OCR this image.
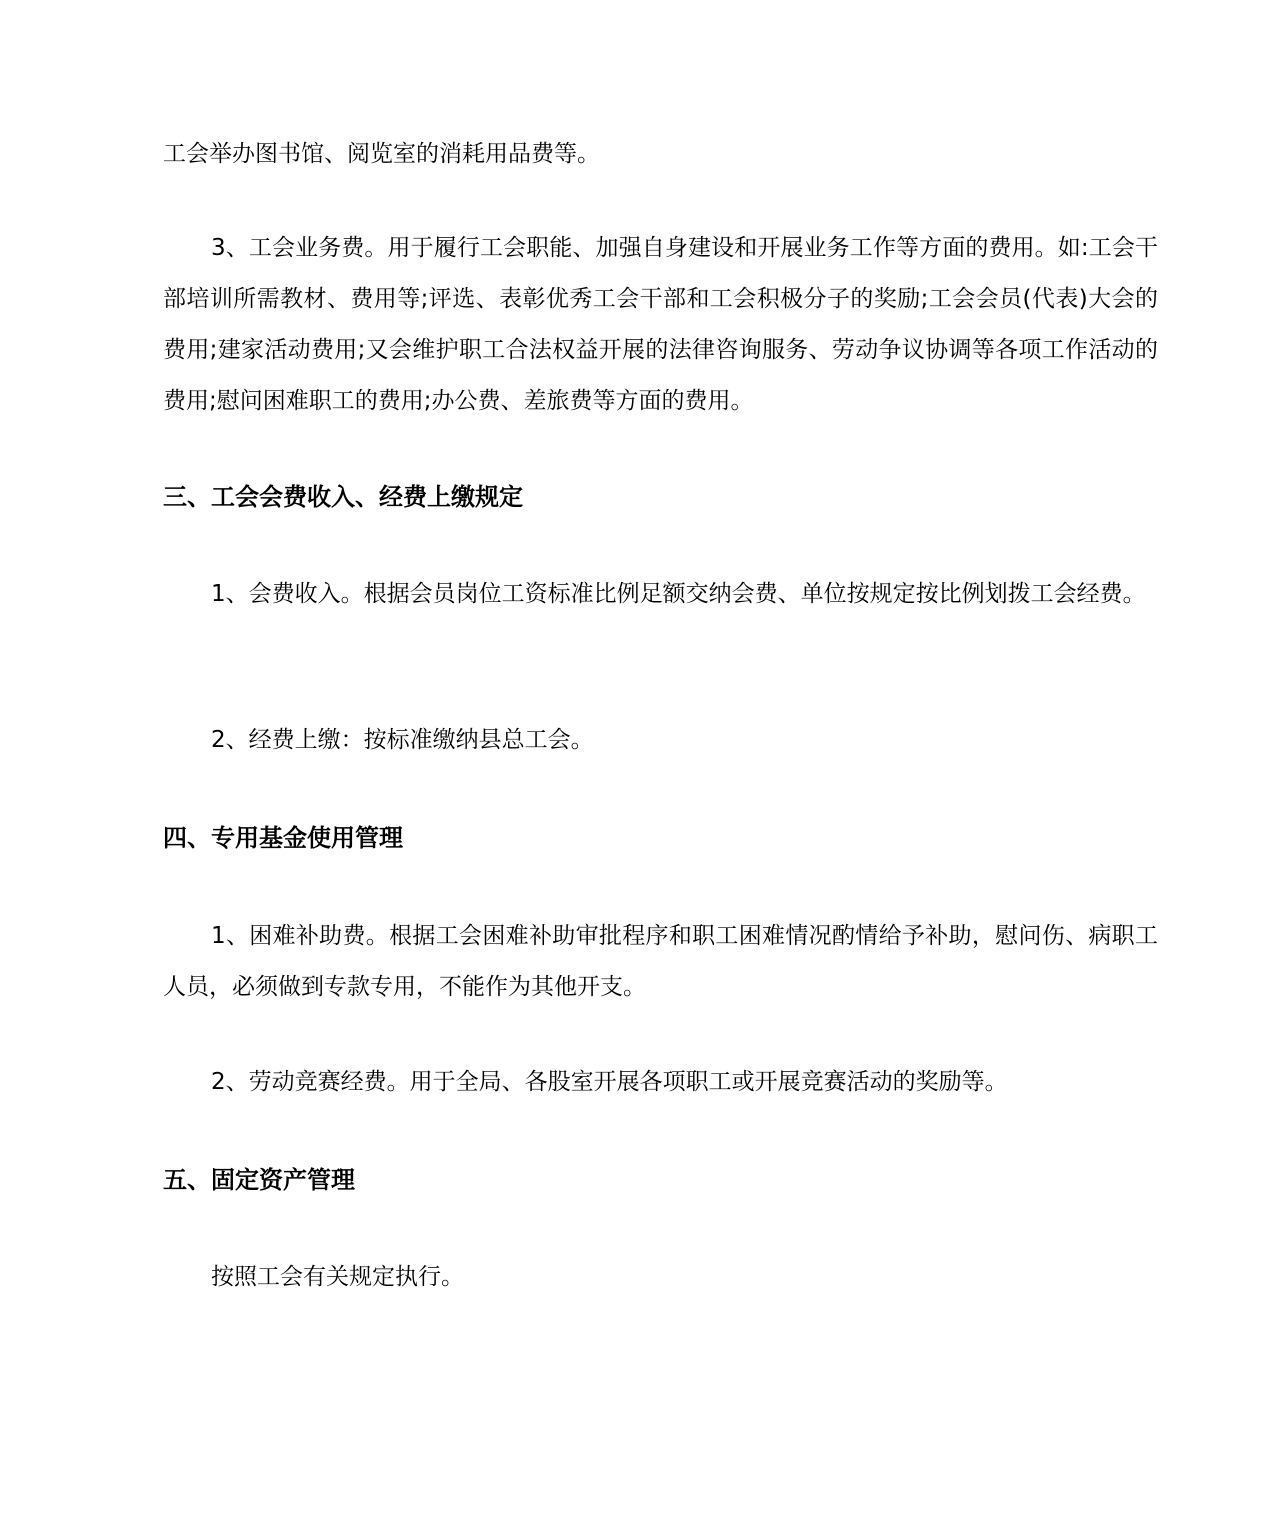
工会举办图书馆、阅览室的消耗用品费等。

3、工会业务费。用于履行工会职能、加强自身建设和开展业务工作等方面的费用。如:工会干部培训所需教材、费用等;评选、表彰优秀工会干部和工会积极分子的奖励;工会会员(代表)大会的费用;建家活动费用;又会维护职工合法权益开展的法律咨询服务、劳动争议协调等各项工作活动的费用;慰问困难职工的费用;办公费、差旅费等方面的费用。

三、工会会费收入、经费上缴规定

1、会费收入。根据会员岗位工资标准比例足额交纳会费、单位按规定按比例划拨工会经费。

2、经费上缴：按标准缴纳县总工会。

四、专用基金使用管理

1、困难补助费。根据工会困难补助审批程序和职工困难情况酌情给予补助，慰问伤、病职工人员，必须做到专款专用，不能作为其他开支。

2、劳动竞赛经费。用于全局、各股室开展各项职工或开展竞赛活动的奖励等。

五、固定资产管理

按照工会有关规定执行。
